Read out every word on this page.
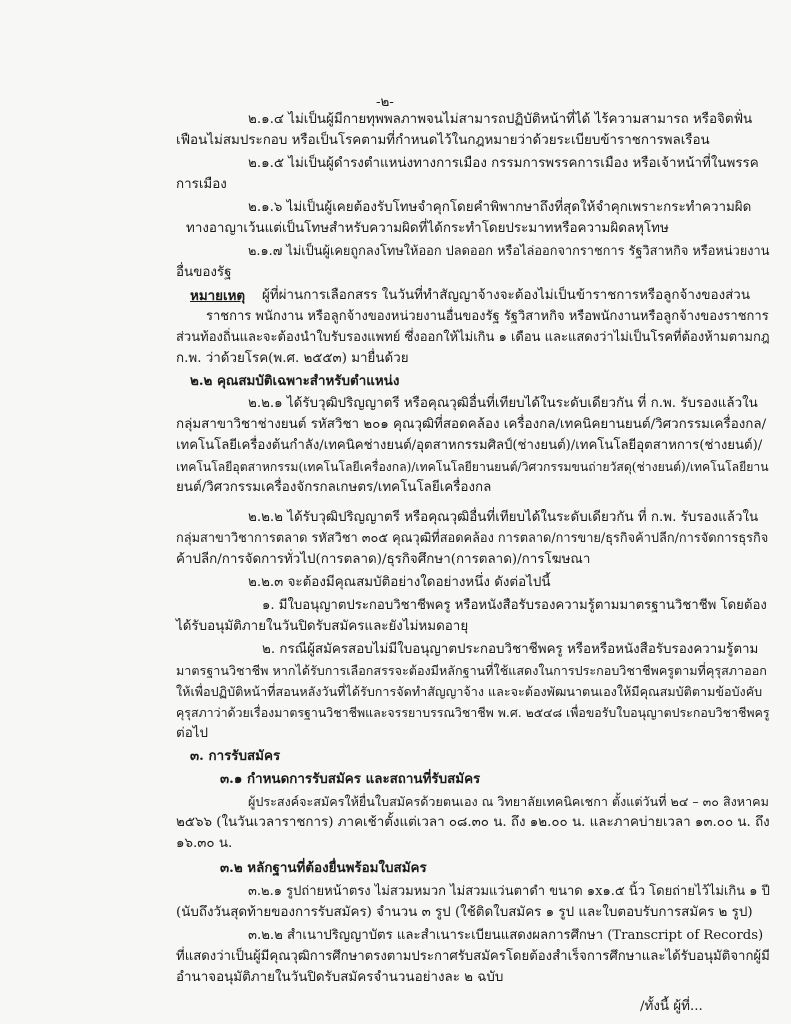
-๒-
๒.๑.๔ ไม่เป็นผู้มีกายทุพพลภาพจนไม่สามารถปฏิบัติหน้าที่ได้ ไร้ความสามารถ หรือจิตฟั่น
เฟือนไม่สมประกอบ หรือเป็นโรคตามที่กำหนดไว้ในกฎหมายว่าด้วยระเบียบข้าราชการพลเรือน
๒.๑.๕ ไม่เป็นผู้ดำรงตำแหน่งทางการเมือง กรรมการพรรคการเมือง หรือเจ้าหน้าที่ในพรรค
การเมือง
๒.๑.๖ ไม่เป็นผู้เคยต้องรับโทษจำคุกโดยคำพิพากษาถึงที่สุดให้จำคุกเพราะกระทำความผิด
ทางอาญาเว้นแต่เป็นโทษสำหรับความผิดที่ได้กระทำโดยประมาทหรือความผิดลหุโทษ
๒.๑.๗ ไม่เป็นผู้เคยถูกลงโทษให้ออก ปลดออก หรือไล่ออกจากราชการ รัฐวิสาหกิจ หรือหน่วยงาน
อื่นของรัฐ
หมายเหตุ ผู้ที่ผ่านการเลือกสรร ในวันที่ทำสัญญาจ้างจะต้องไม่เป็นข้าราชการหรือลูกจ้างของส่วน
ราชการ พนักงาน หรือลูกจ้างของหน่วยงานอื่นของรัฐ รัฐวิสาหกิจ หรือพนักงานหรือลูกจ้างของราชการ
ส่วนท้องถิ่นและจะต้องนำใบรับรองแพทย์ ซึ่งออกให้ไม่เกิน ๑ เดือน และแสดงว่าไม่เป็นโรคที่ต้องห้ามตามกฎ
ก.พ. ว่าด้วยโรค(พ.ศ. ๒๕๕๓) มายื่นด้วย
๒.๒ คุณสมบัติเฉพาะสำหรับตำแหน่ง
๒.๒.๑ ได้รับวุฒิปริญญาตรี หรือคุณวุฒิอื่นที่เทียบได้ในระดับเดียวกัน ที่ ก.พ. รับรองแล้วใน
กลุ่มสาขาวิชาช่างยนต์ รหัสวิชา ๒๐๑ คุณวุฒิที่สอดคล้อง เครื่องกล/เทคนิคยานยนต์/วิศวกรรมเครื่องกล/
เทคโนโลยีเครื่องต้นกำลัง/เทคนิคช่างยนต์/อุตสาหกรรมศิลป์(ช่างยนต์)/เทคโนโลยีอุตสาหการ(ช่างยนต์)/
เทคโนโลยีอุตสาหกรรม(เทคโนโลยีเครื่องกล)/เทคโนโลยียานยนต์/วิศวกรรมขนถ่ายวัสดุ(ช่างยนต์)/เทคโนโลยียาน
ยนต์/วิศวกรรมเครื่องจักรกลเกษตร/เทคโนโลยีเครื่องกล
๒.๒.๒ ได้รับวุฒิปริญญาตรี หรือคุณวุฒิอื่นที่เทียบได้ในระดับเดียวกัน ที่ ก.พ. รับรองแล้วใน
กลุ่มสาขาวิชาการตลาด รหัสวิชา ๓๐๕ คุณวุฒิที่สอดคล้อง การตลาด/การขาย/ธุรกิจค้าปลีก/การจัดการธุรกิจ
ค้าปลีก/การจัดการทั่วไป(การตลาด)/ธุรกิจศึกษา(การตลาด)/การโฆษณา
๒.๒.๓ จะต้องมีคุณสมบัติอย่างใดอย่างหนึ่ง ดังต่อไปนี้
๑. มีใบอนุญาตประกอบวิชาชีพครู หรือหนังสือรับรองความรู้ตามมาตรฐานวิชาชีพ โดยต้อง
ได้รับอนุมัติภายในวันปิดรับสมัครและยังไม่หมดอายุ
๒. กรณีผู้สมัครสอบไม่มีใบอนุญาตประกอบวิชาชีพครู หรือหรือหนังสือรับรองความรู้ตาม
มาตรฐานวิชาชีพ หากได้รับการเลือกสรรจะต้องมีหลักฐานที่ใช้แสดงในการประกอบวิชาชีพครูตามที่คุรุสภาออก
ให้เพื่อปฏิบัติหน้าที่สอนหลังวันที่ได้รับการจัดทำสัญญาจ้าง และจะต้องพัฒนาตนเองให้มีคุณสมบัติตามข้อบังคับ
คุรุสภาว่าด้วยเรื่องมาตรฐานวิชาชีพและจรรยาบรรณวิชาชีพ พ.ศ. ๒๕๔๘ เพื่อขอรับใบอนุญาตประกอบวิชาชีพครู
ต่อไป
๓. การรับสมัคร
๓.๑ กำหนดการรับสมัคร และสถานที่รับสมัคร
ผู้ประสงค์จะสมัครให้ยื่นใบสมัครด้วยตนเอง ณ วิทยาลัยเทคนิคเชกา ตั้งแต่วันที่ ๒๔ – ๓๐ สิงหาคม
๒๕๖๖ (ในวันเวลาราชการ) ภาคเช้าตั้งแต่เวลา ๐๘.๓๐ น. ถึง ๑๒.๐๐ น. และภาคบ่ายเวลา ๑๓.๐๐ น. ถึง
๑๖.๓๐ น.
๓.๒ หลักฐานที่ต้องยื่นพร้อมใบสมัคร
๓.๒.๑ รูปถ่ายหน้าตรง ไม่สวมหมวก ไม่สวมแว่นตาดำ ขนาด ๑x๑.๕ นิ้ว โดยถ่ายไว้ไม่เกิน ๑ ปี
(นับถึงวันสุดท้ายของการรับสมัคร) จำนวน ๓ รูป (ใช้ติดใบสมัคร ๑ รูป และใบตอบรับการสมัคร ๒ รูป)
๓.๒.๒ สำเนาปริญญาบัตร และสำเนาระเบียนแสดงผลการศึกษา (Transcript of Records)
ที่แสดงว่าเป็นผู้มีคุณวุฒิการศึกษาตรงตามประกาศรับสมัครโดยต้องสำเร็จการศึกษาและได้รับอนุมัติจากผู้มี
อำนาจอนุมัติภายในวันปิดรับสมัครจำนวนอย่างละ ๒ ฉบับ
/ทั้งนี้ ผู้ที่...
